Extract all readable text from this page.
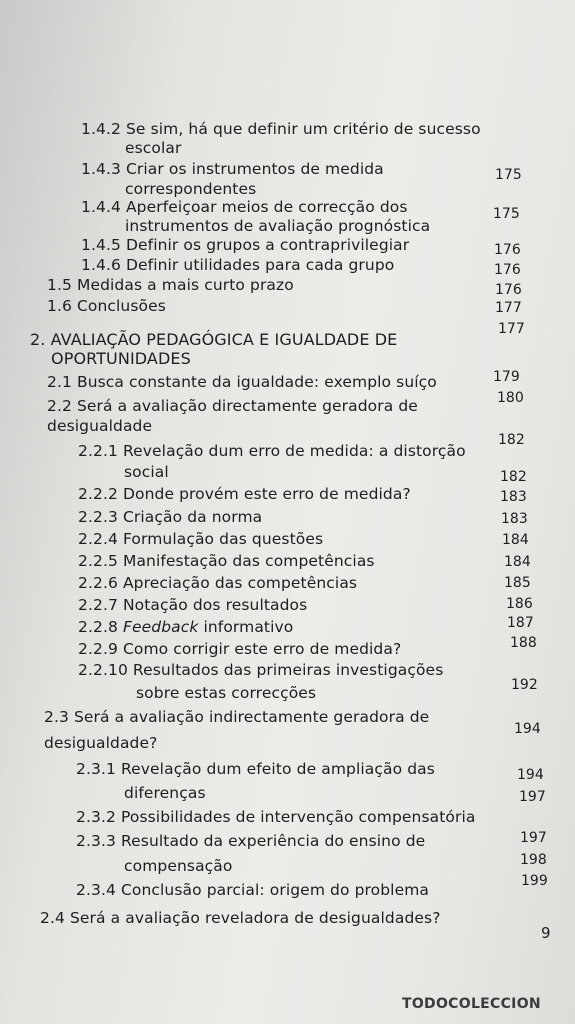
1.4.2 Se sim, há que definir um critério de sucesso
escolar
1.4.3 Criar os instrumentos de medida
correspondentes
1.4.4 Aperfeiçoar meios de correcção dos
instrumentos de avaliação prognóstica
1.4.5 Definir os grupos a contraprivilegiar
1.4.6 Definir utilidades para cada grupo
1.5 Medidas a mais curto prazo
1.6 Conclusões
2. AVALIAÇÃO PEDAGÓGICA E IGUALDADE DE
OPORTUNIDADES
2.1 Busca constante da igualdade: exemplo suíço
2.2 Será a avaliação directamente geradora de
desigualdade
2.2.1 Revelação dum erro de medida: a distorção
social
2.2.2 Donde provém este erro de medida?
2.2.3 Criação da norma
2.2.4 Formulação das questões
2.2.5 Manifestação das competências
2.2.6 Apreciação das competências
2.2.7 Notação dos resultados
2.2.8 Feedback informativo
2.2.9 Como corrigir este erro de medida?
2.2.10 Resultados das primeiras investigações
sobre estas correcções
2.3 Será a avaliação indirectamente geradora de
desigualdade?
2.3.1 Revelação dum efeito de ampliação das
diferenças
2.3.2 Possibilidades de intervenção compensatória
2.3.3 Resultado da experiência do ensino de
compensação
2.3.4 Conclusão parcial: origem do problema
2.4 Será a avaliação reveladora de desigualdades?
175
175
176
176
176
177
177
179
180
182
182
183
183
184
184
185
186
187
188
192
194
194
197
197
198
199
9
TODOCOLECCION
